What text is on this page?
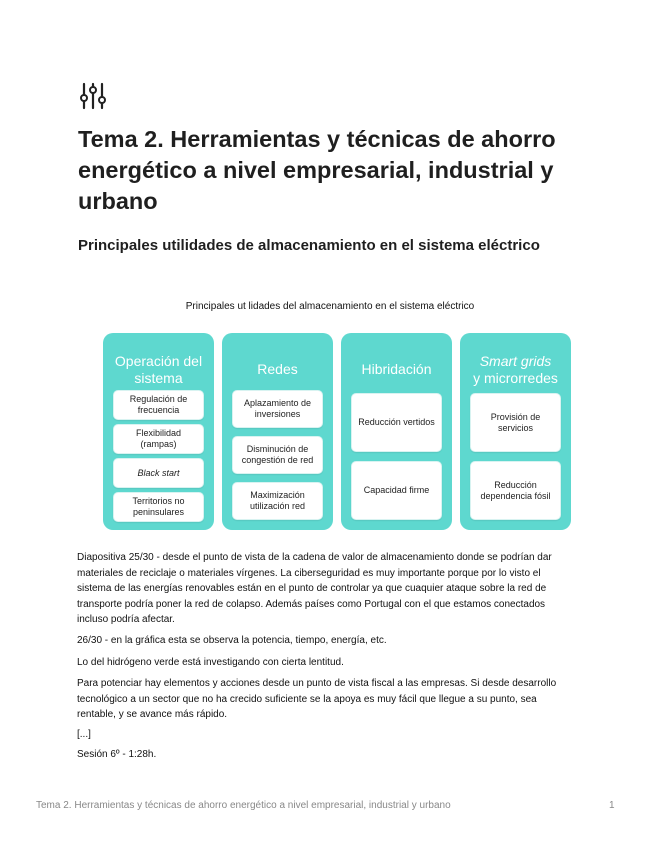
Tema 2. Herramientas y técnicas de ahorro energético a nivel empresarial, industrial y urbano
Principales utilidades de almacenamiento en el sistema eléctrico
Principales ut lidades del almacenamiento en el sistema eléctrico
Operación del
sistema
Regulación de frecuencia
Flexibilidad (rampas)
Black start
Territorios no peninsulares
Redes
Aplazamiento de inversiones
Disminución de congestión de red
Maximización utilización red
Hibridación
Reducción vertidos
Capacidad firme
Smart grids
y microrredes
Provisión de servicios
Reducción dependencia fósil

Diapositiva 25/30 - desde el punto de vista de la cadena de valor de almacenamiento donde se podrían dar materiales de reciclaje o materiales vírgenes. La ciberseguridad es muy importante porque por lo visto el sistema de las energías renovables están en el punto de controlar ya que cuaquier ataque sobre la red de transporte podría poner la red de colapso. Además países como Portugal con el que estamos conectados incluso podría afectar.

26/30 - en la gráfica esta se observa la potencia, tiempo, energía, etc.

Lo del hidrógeno verde está investigando con cierta lentitud.

Para potenciar hay elementos y acciones desde un punto de vista fiscal a las empresas. Si desde desarrollo tecnológico a un sector que no ha crecido suficiente se la apoya es muy fácil que llegue a su punto, sea rentable, y se avance más rápido.

[...]

Sesión 6º - 1:28h.

Tema 2. Herramientas y técnicas de ahorro energético a nivel empresarial, industrial y urbano	1
